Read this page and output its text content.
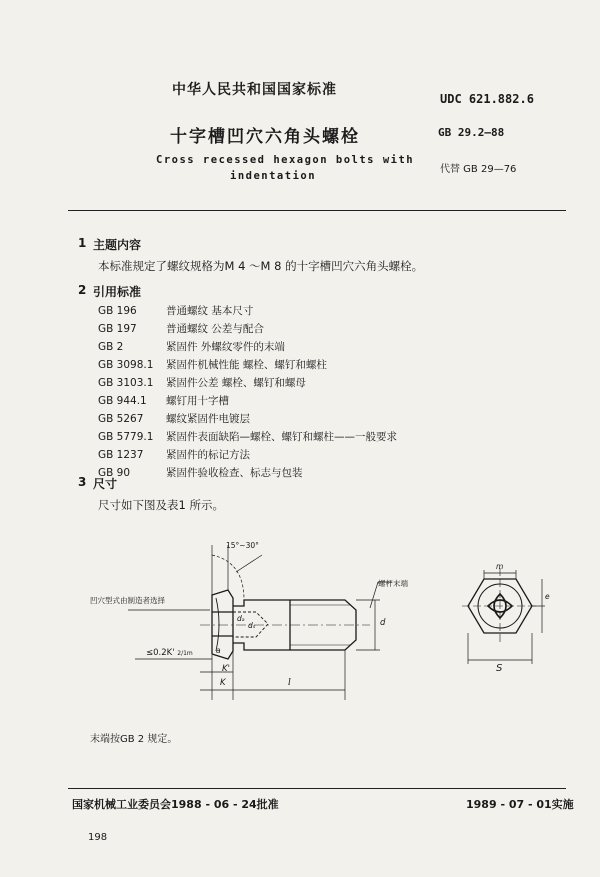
中华人民共和国国家标准
十字槽凹穴六角头螺栓
Cross recessed hexagon bolts with
indentation
UDC 621.882.6
GB 29.2—88
代替 GB 29—76
1 主题内容
本标准规定了螺纹规格为M 4 ～M 8 的十字槽凹穴六角头螺栓。
2 引用标准
GB 196	普通螺纹 基本尺寸
GB 197	普通螺纹 公差与配合
GB 2	紧固件 外螺纹零件的末端
GB 3098.1 紧固件机械性能 螺栓、螺钉和螺柱
GB 3103.1 紧固件公差 螺栓、螺钉和螺母
GB 944.1 螺钉用十字槽
GB 5267 螺纹紧固件电镀层
GB 5779.1 紧固件表面缺陷—螺栓、螺钉和螺柱——一般要求
GB 1237 紧固件的标记方法
GB 90	紧固件验收检查、标志与包装
3 尺寸
尺寸如下图及表1 所示。
15°~30°
凹穴型式由制造者选择
螺杆末端
≤0.2K' 2/1m
K'
K	l
a
dₐ
dₛ	d
m
e
S
末端按GB 2 规定。
国家机械工业委员会1988 - 06 - 24批准	1989 - 07 - 01实施
198
